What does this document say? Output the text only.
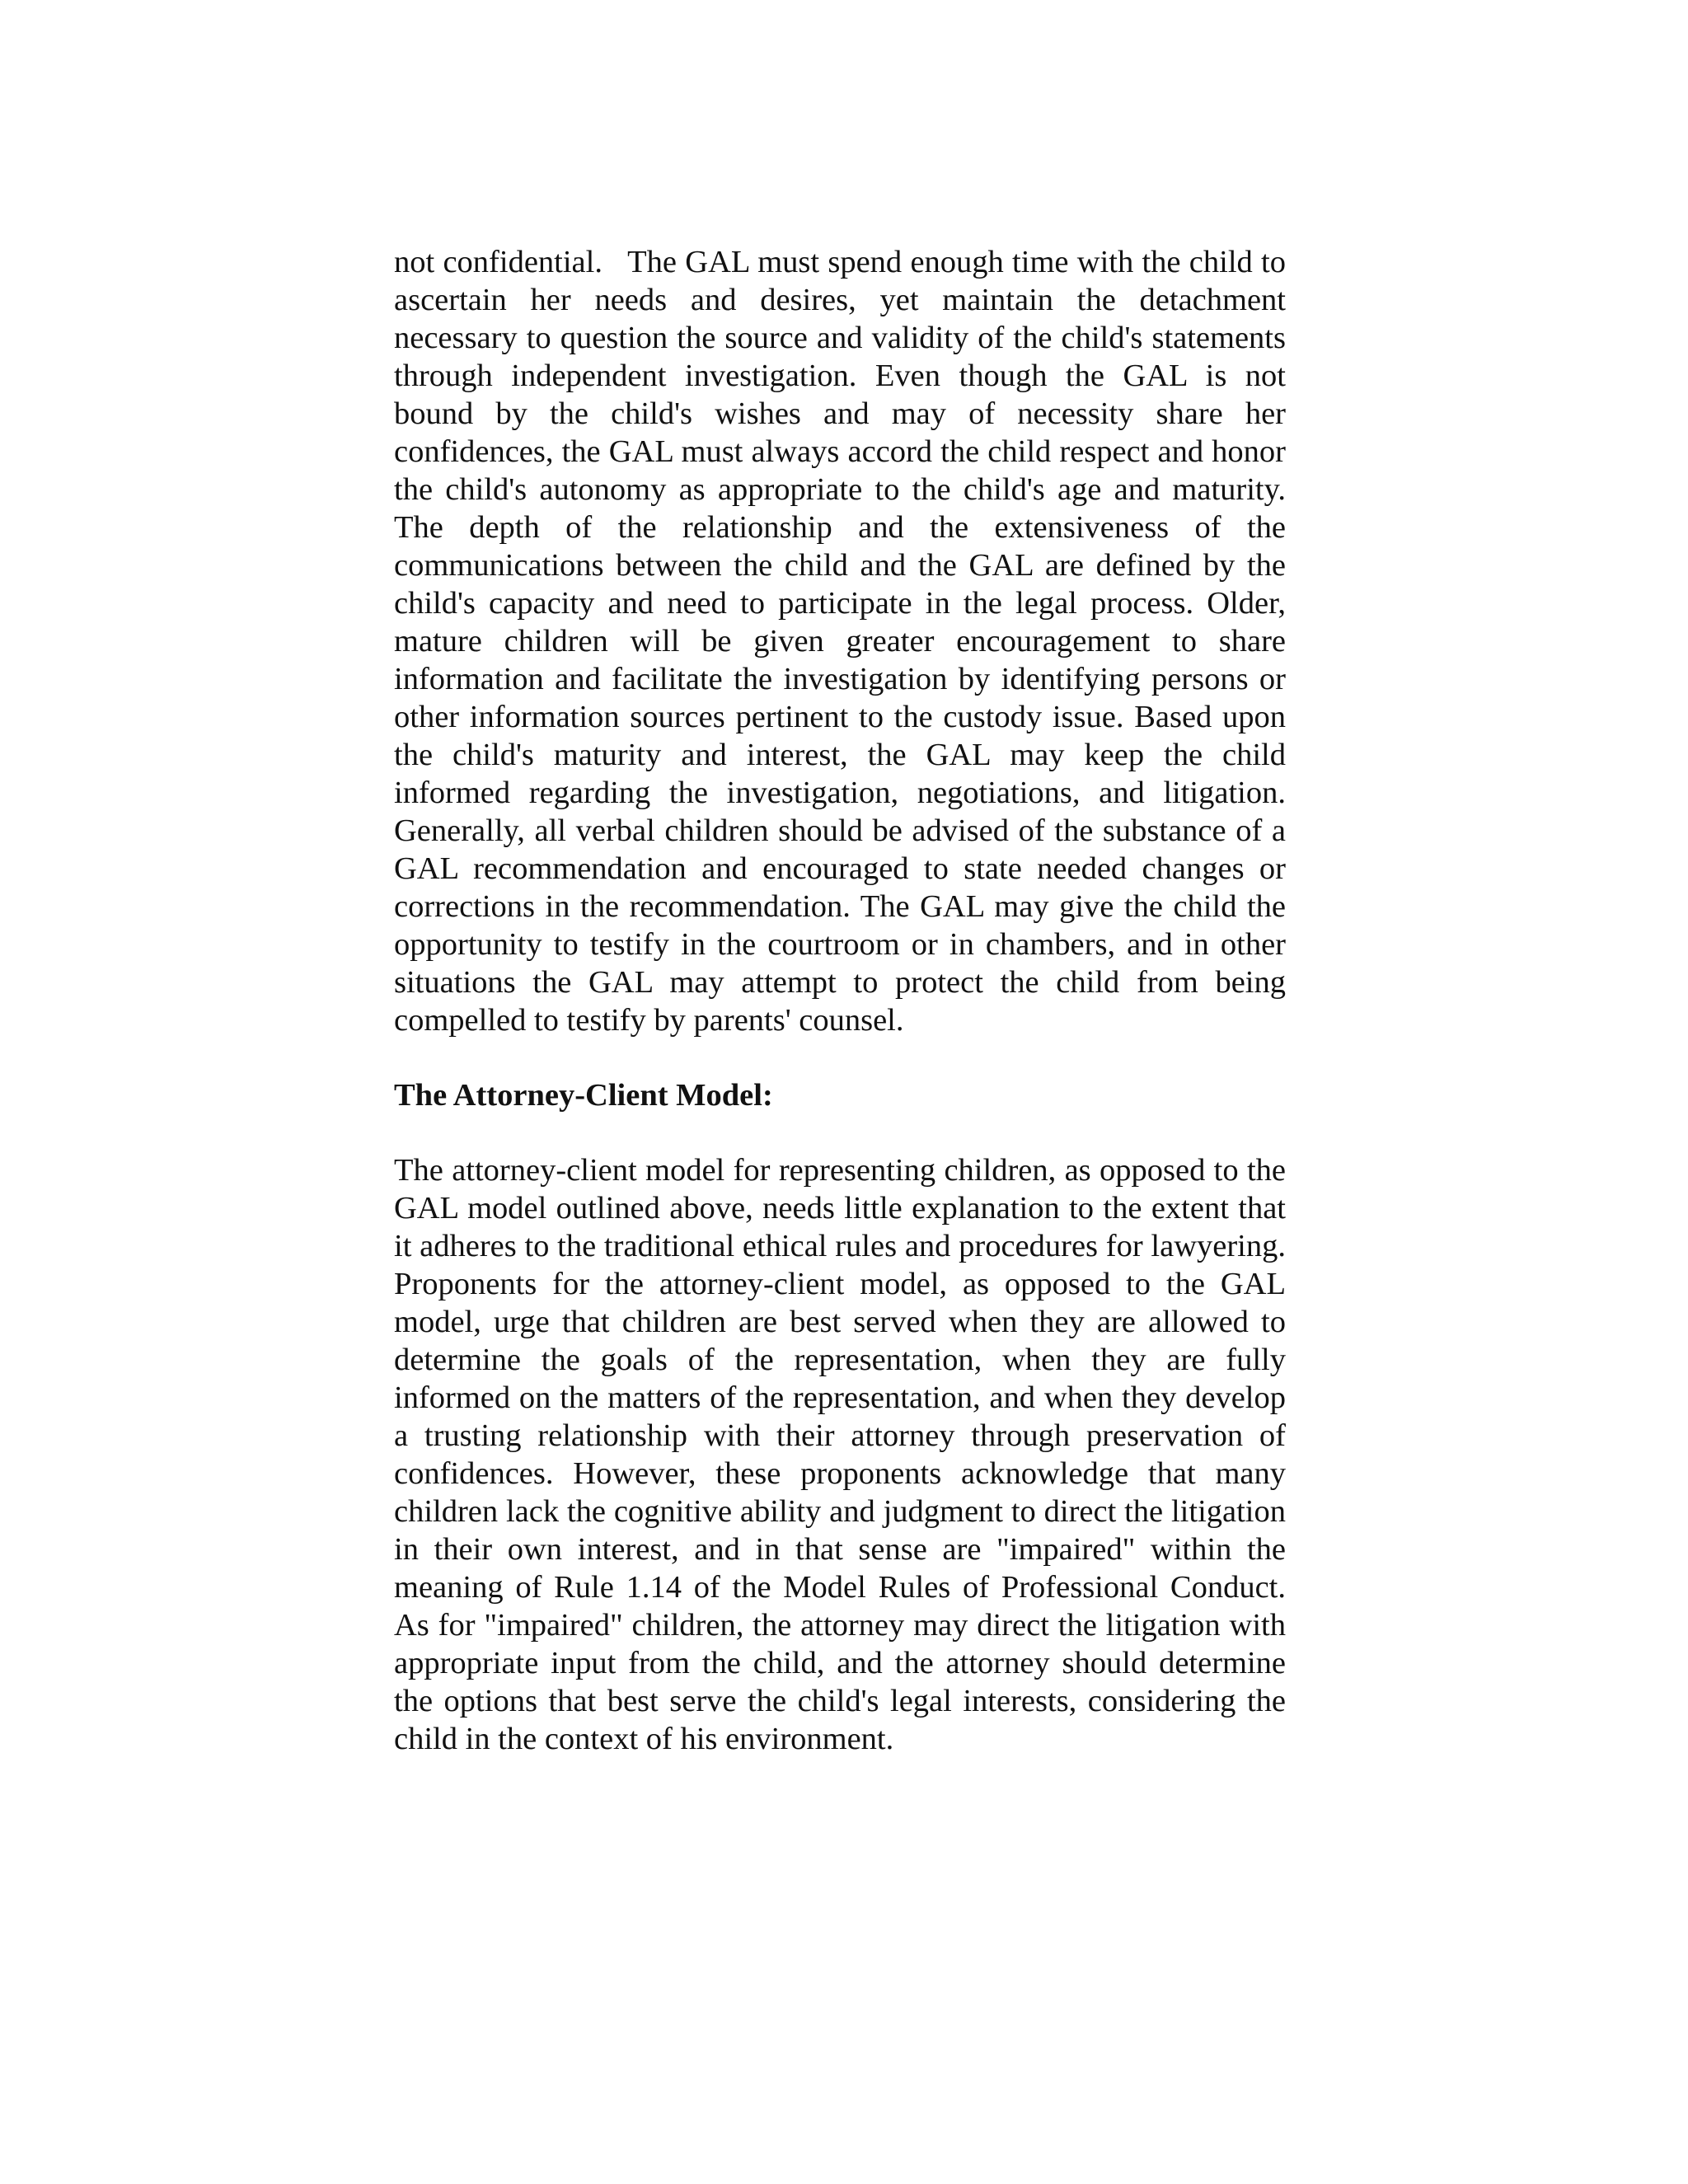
not confidential.   The GAL must spend enough time with the child to ascertain her needs and desires, yet maintain the detachment necessary to question the source and validity of the child's statements through independent investigation. Even though the GAL is not bound by the child's wishes and may of necessity share her confidences, the GAL must always accord the child respect and honor the child's autonomy as appropriate to the child's age and maturity. The depth of the relationship and the extensiveness of the communications between the child and the GAL are defined by the child's capacity and need to participate in the legal process. Older, mature children will be given greater encouragement to share information and facilitate the investigation by identifying persons or other information sources pertinent to the custody issue. Based upon the child's maturity and interest, the GAL may keep the child informed regarding the investigation, negotiations, and litigation. Generally, all verbal children should be advised of the substance of a GAL recommendation and encouraged to state needed changes or corrections in the recommendation. The GAL may give the child the opportunity to testify in the courtroom or in chambers, and in other situations the GAL may attempt to protect the child from being compelled to testify by parents' counsel.

The Attorney-Client Model:

The attorney-client model for representing children, as opposed to the GAL model outlined above, needs little explanation to the extent that it adheres to the traditional ethical rules and procedures for lawyering. Proponents for the attorney-client model, as opposed to the GAL model, urge that children are best served when they are allowed to determine the goals of the representation, when they are fully informed on the matters of the representation, and when they develop a trusting relationship with their attorney through preservation of confidences. However, these proponents acknowledge that many children lack the cognitive ability and judgment to direct the litigation in their own interest, and in that sense are "impaired" within the meaning of Rule 1.14 of the Model Rules of Professional Conduct.   As for "impaired" children, the attorney may direct the litigation with appropriate input from the child, and the attorney should determine the options that best serve the child's legal interests, considering the child in the context of his environment.
